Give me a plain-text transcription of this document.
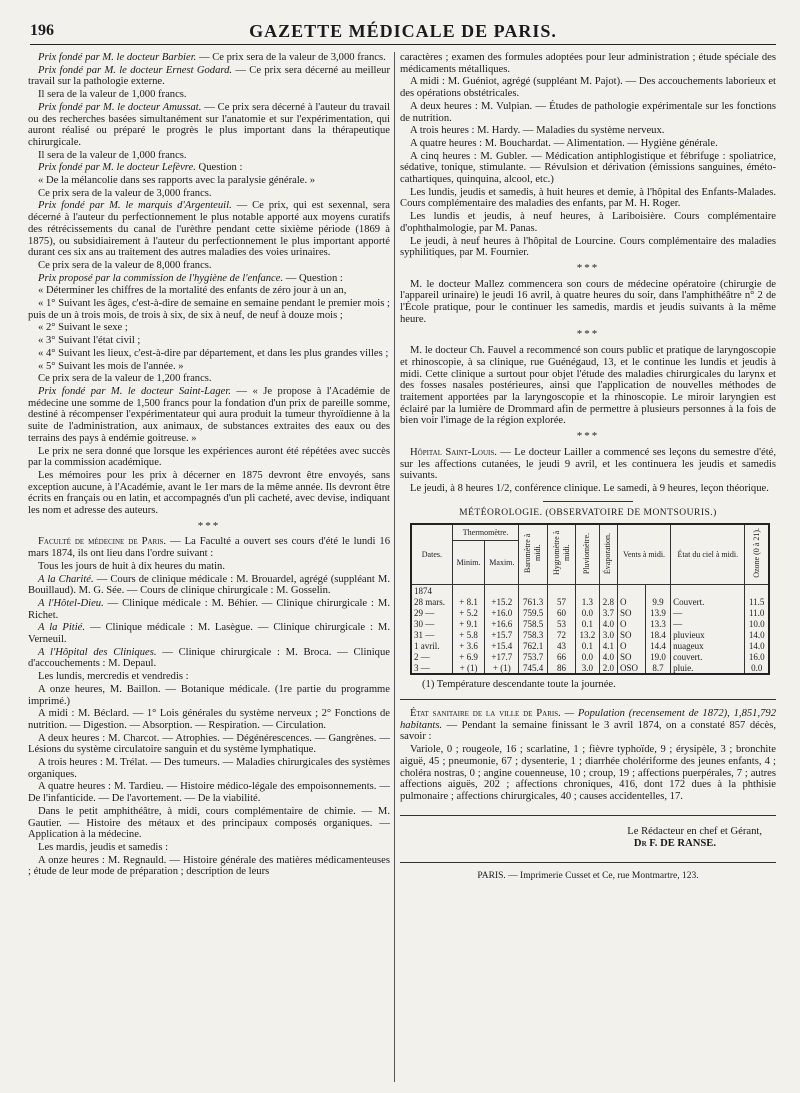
196	GAZETTE MÉDICALE DE PARIS.

Prix fondé par M. le docteur Barbier. — Ce prix sera de la valeur de 3,000 francs.

Prix fondé par M. le docteur Ernest Godard. — Ce prix sera décerné au meilleur travail sur la pathologie externe.

Il sera de la valeur de 1,000 francs.

Prix fondé par M. le docteur Amussat. — Ce prix sera décerné à l'auteur du travail ou des recherches basées simultanément sur l'anatomie et sur l'expérimentation, qui auront réalisé ou préparé le progrès le plus important dans la thérapeutique chirurgicale.

Il sera de la valeur de 1,000 francs.

Prix fondé par M. le docteur Lefèvre. Question :

« De la mélancolie dans ses rapports avec la paralysie générale. »

Ce prix sera de la valeur de 3,000 francs.

Prix fondé par M. le marquis d'Argenteuil. — Ce prix, qui est sexennal, sera décerné à l'auteur du perfectionnement le plus notable apporté aux moyens curatifs des rétrécissements du canal de l'urèthre pendant cette sixième période (1869 à 1875), ou subsidiairement à l'auteur du perfectionnement le plus important apporté durant ces six ans au traitement des autres maladies des voies urinaires.

Ce prix sera de la valeur de 8,000 francs.

Prix proposé par la commission de l'hygiène de l'enfance. — Question :

« Déterminer les chiffres de la mortalité des enfants de zéro jour à un an,

« 1° Suivant les âges, c'est-à-dire de semaine en semaine pendant le premier mois ; puis de un à trois mois, de trois à six, de six à neuf, de neuf à douze mois ;

« 2° Suivant le sexe ;

« 3° Suivant l'état civil ;

« 4° Suivant les lieux, c'est-à-dire par département, et dans les plus grandes villes ;

« 5° Suivant les mois de l'année. »

Ce prix sera de la valeur de 1,200 francs.

Prix fondé par M. le docteur Saint-Lager. — « Je propose à l'Académie de médecine une somme de 1,500 francs pour la fondation d'un prix de pareille somme, destiné à récompenser l'expérimentateur qui aura produit la tumeur thyroïdienne à la suite de l'administration, aux animaux, de substances extraites des eaux ou des terrains des pays à endémie goitreuse. »

Le prix ne sera donné que lorsque les expériences auront été répétées avec succès par la commission académique.

Les mémoires pour les prix à décerner en 1875 devront être envoyés, sans exception aucune, à l'Académie, avant le 1er mars de la même année. Ils devront être écrits en français ou en latin, et accompagnés d'un pli cacheté, avec devise, indiquant les nom et adresse des auteurs.

***

Faculté de médecine de Paris. — La Faculté a ouvert ses cours d'été le lundi 16 mars 1874, ils ont lieu dans l'ordre suivant :

Tous les jours de huit à dix heures du matin.

A la Charité. — Cours de clinique médicale : M. Brouardel, agrégé (suppléant M. Bouillaud). M. G. Sée. — Cours de clinique chirurgicale : M. Gosselin.

A l'Hôtel-Dieu. — Clinique médicale : M. Béhier. — Clinique chirurgicale : M. Richet.

A la Pitié. — Clinique médicale : M. Lasègue. — Clinique chirurgicale : M. Verneuil.

A l'Hôpital des Cliniques. — Clinique chirurgicale : M. Broca. — Clinique d'accouchements : M. Depaul.

Les lundis, mercredis et vendredis :

A onze heures, M. Baillon. — Botanique médicale. (1re partie du programme imprimé.)

A midi : M. Béclard. — 1° Lois générales du système nerveux ; 2° Fonctions de nutrition. — Digestion. — Absorption. — Respiration. — Circulation.

A deux heures : M. Charcot. — Atrophies. — Dégénérescences. — Gangrènes. — Lésions du système circulatoire sanguin et du système lymphatique.

A trois heures : M. Trélat. — Des tumeurs. — Maladies chirurgicales des systèmes organiques.

A quatre heures : M. Tardieu. — Histoire médico-légale des empoisonnements. — De l'infanticide. — De l'avortement. — De la viabilité.

Dans le petit amphithéâtre, à midi, cours complémentaire de chimie. — M. Gautier. — Histoire des métaux et des principaux composés organiques. — Application à la médecine.

Les mardis, jeudis et samedis :

A onze heures : M. Regnauld. — Histoire générale des matières médicamenteuses ; étude de leur mode de préparation ; description de leurs

caractères ; examen des formules adoptées pour leur administration ; étude spéciale des médicaments métalliques.

A midi : M. Guéniot, agrégé (suppléant M. Pajot). — Des accouchements laborieux et des opérations obstétricales.

A deux heures : M. Vulpian. — Études de pathologie expérimentale sur les fonctions de nutrition.

A trois heures : M. Hardy. — Maladies du système nerveux.

A quatre heures : M. Bouchardat. — Alimentation. — Hygiène générale.

A cinq heures : M. Gubler. — Médication antiphlogistique et fébrifuge : spoliatrice, sédative, tonique, stimulante. — Révulsion et dérivation (émissions sanguines, éméto-cathartiques, quinquina, alcool, etc.)

Les lundis, jeudis et samedis, à huit heures et demie, à l'hôpital des Enfants-Malades. Cours complémentaire des maladies des enfants, par M. H. Roger.

Les lundis et jeudis, à neuf heures, à Lariboisière. Cours complémentaire d'ophthalmologie, par M. Panas.

Le jeudi, à neuf heures à l'hôpital de Lourcine. Cours complémentaire des maladies syphilitiques, par M. Fournier.

***

M. le docteur Mallez commencera son cours de médecine opératoire (chirurgie de l'appareil urinaire) le jeudi 16 avril, à quatre heures du soir, dans l'amphithéâtre n° 2 de l'École pratique, pour le continuer les samedis, mardis et jeudis suivants à la même heure.

***

M. le docteur Ch. Fauvel a recommencé son cours public et pratique de laryngoscopie et rhinoscopie, à sa clinique, rue Guénégaud, 13, et le continue les lundis et jeudis à midi. Cette clinique a surtout pour objet l'étude des maladies chirurgicales du larynx et des fosses nasales postérieures, ainsi que l'application de nouvelles méthodes de traitement apportées par la laryngoscopie et la rhinoscopie. Le miroir laryngien est éclairé par la lumière de Drommard afin de permettre à plusieurs personnes à la fois de bien voir l'image de la région explorée.

***

Hôpital Saint-Louis. — Le docteur Lailler a commencé ses leçons du semestre d'été, sur les affections cutanées, le jeudi 9 avril, et les continuera les jeudis et samedis suivants.

Le jeudi, à 8 heures 1/2, conférence clinique. Le samedi, à 9 heures, leçon théorique.

MÉTÉOROLOGIE. (OBSERVATOIRE DE MONTSOURIS.)
Dates.	Thermomètre.		Baromètre à midi.	Hygromètre à midi.	Pluviomètre.	Évaporation.	Vents à midi.		État du ciel à midi.	Ozone (0 à 21).
	Minim.	Maxim.								
1874										
28 mars.	+ 8.1	+15.2	761.3	57	1.3	2.8	O	9.9	Couvert.	11.5
29 —	+ 5.2	+16.0	759.5	60	0.0	3.7	SO	13.9	—	11.0
30 —	+ 9.1	+16.6	758.5	53	0.1	4.0	O	13.3	—	10.0
31 —	+ 5.8	+15.7	758.3	72	13.2	3.0	SO	18.4	pluvieux	14.0
1 avril.	+ 3.6	+15.4	762.1	43	0.1	4.1	O	14.4	nuageux	14.0
2 —	+ 6.9	+17.7	753.7	66	0.0	4.0	SO	19.0	couvert.	16.0
3 —	+ (1)	+ (1)	745.4	86	3.0	2.0	OSO	8.7	pluie.	0.0

(1) Température descendante toute la journée.

État sanitaire de la ville de Paris. — Population (recensement de 1872), 1,851,792 habitants. — Pendant la semaine finissant le 3 avril 1874, on a constaté 857 décès, savoir :

Variole, 0 ; rougeole, 16 ; scarlatine, 1 ; fièvre typhoïde, 9 ; érysipèle, 3 ; bronchite aiguë, 45 ; pneumonie, 67 ; dysenterie, 1 ; diarrhée cholériforme des jeunes enfants, 4 ; choléra nostras, 0 ; angine couenneuse, 10 ; croup, 19 ; affections puerpérales, 7 ; autres affections aiguës, 202 ; affections chroniques, 416, dont 172 dues à la phthisie pulmonaire ; affections chirurgicales, 40 ; causes accidentelles, 17.

Le Rédacteur en chef et Gérant,

Dr F. DE RANSE.

PARIS. — Imprimerie Cusset et Ce, rue Montmartre, 123.
